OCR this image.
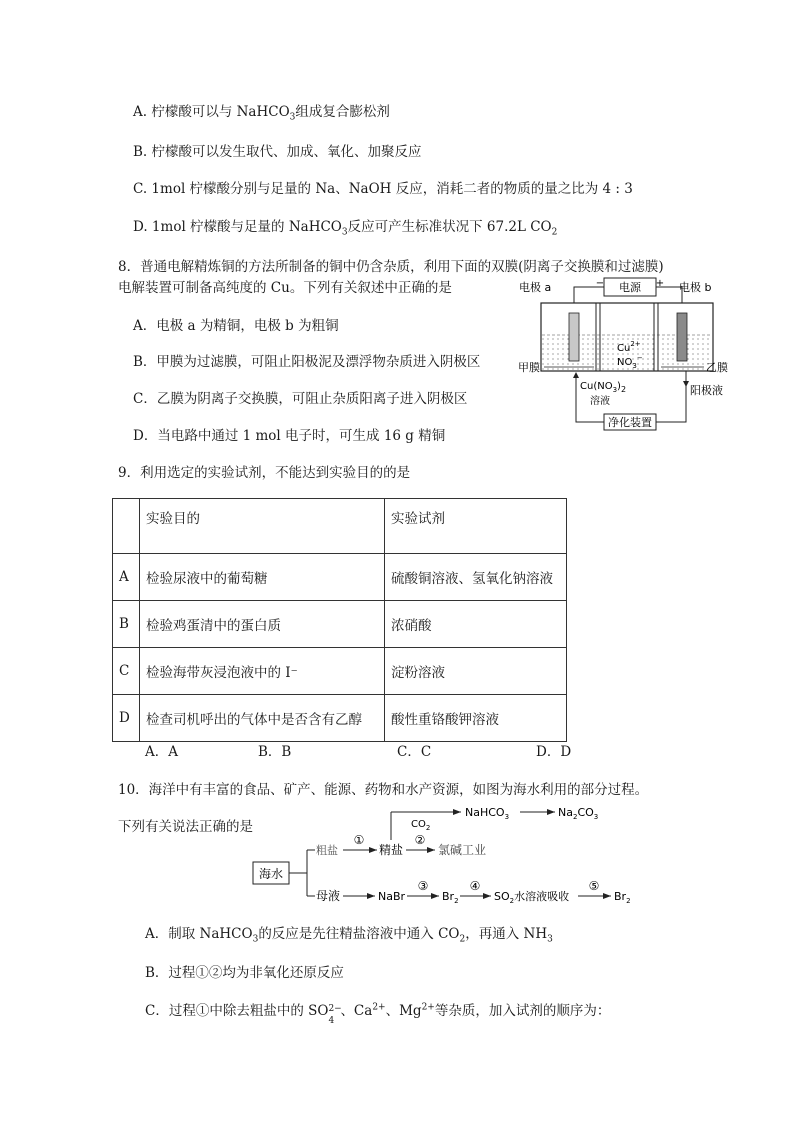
A. 柠檬酸可以与 NaHCO$_3$组成复合膨松剂
B. 柠檬酸可以发生取代、加成、氧化、加聚反应
C. 1mol 柠檬酸分别与足量的 Na、NaOH 反应，消耗二者的物质的量之比为 4 : 3
D. 1mol 柠檬酸与足量的 NaHCO$_3$反应可产生标准状况下 67.2L $CO_2$
8．普通电解精炼铜的方法所制备的铜中仍含杂质，利用下面的双膜(阴离子交换膜和过滤膜)
电解装置可制备高纯度的 Cu。下列有关叙述中正确的是
A．电极 a 为精铜，电极 b 为粗铜
B．甲膜为过滤膜，可阻止阳极泥及漂浮物杂质进入阴极区
C．乙膜为阴离子交换膜，可阻止杂质阳离子进入阴极区
D．当电路中通过 1 mol 电子时，可生成 16 g 精铜
电源
−	+
电极 a	电极 b
$Cu^{2+}$
$NO_3^-$
甲膜	乙膜
净化装置
阳极液
$Cu(NO_3)_2$
溶液
9．利用选定的实验试剂，不能达到实验目的的是
	实验目的	实验试剂
A	检验尿液中的葡萄糖	硫酸铜溶液、氢氧化钠溶液
B	检验鸡蛋清中的蛋白质	浓硝酸
C	检验海带灰浸泡液中的 I⁻	淀粉溶液
D	检查司机呼出的气体中是否含有乙醇	酸性重铬酸钾溶液
A．A	B．B	C．C	D．D
10．海洋中有丰富的食品、矿产、能源、药物和水产资源，如图为海水利用的部分过程。
下列有关说法正确的是
海水
粗盐
①
精盐
②
氯碱工业
$CO_2$
NaHCO$_3$	$Na_2CO_3$
母液	NaBr
③
$Br_2$
④
$SO_2$水溶液吸收
⑤
$Br_2$
A．制取 NaHCO$_3$的反应是先往精盐溶液中通入 $CO_2$，再通入 $NH_3$
B．过程①②均为非氧化还原反应
C．过程①中除去粗盐中的 SO 2−
4
、$Ca^{2+}$、$Mg^{2+}$等杂质，加入试剂的顺序为：
